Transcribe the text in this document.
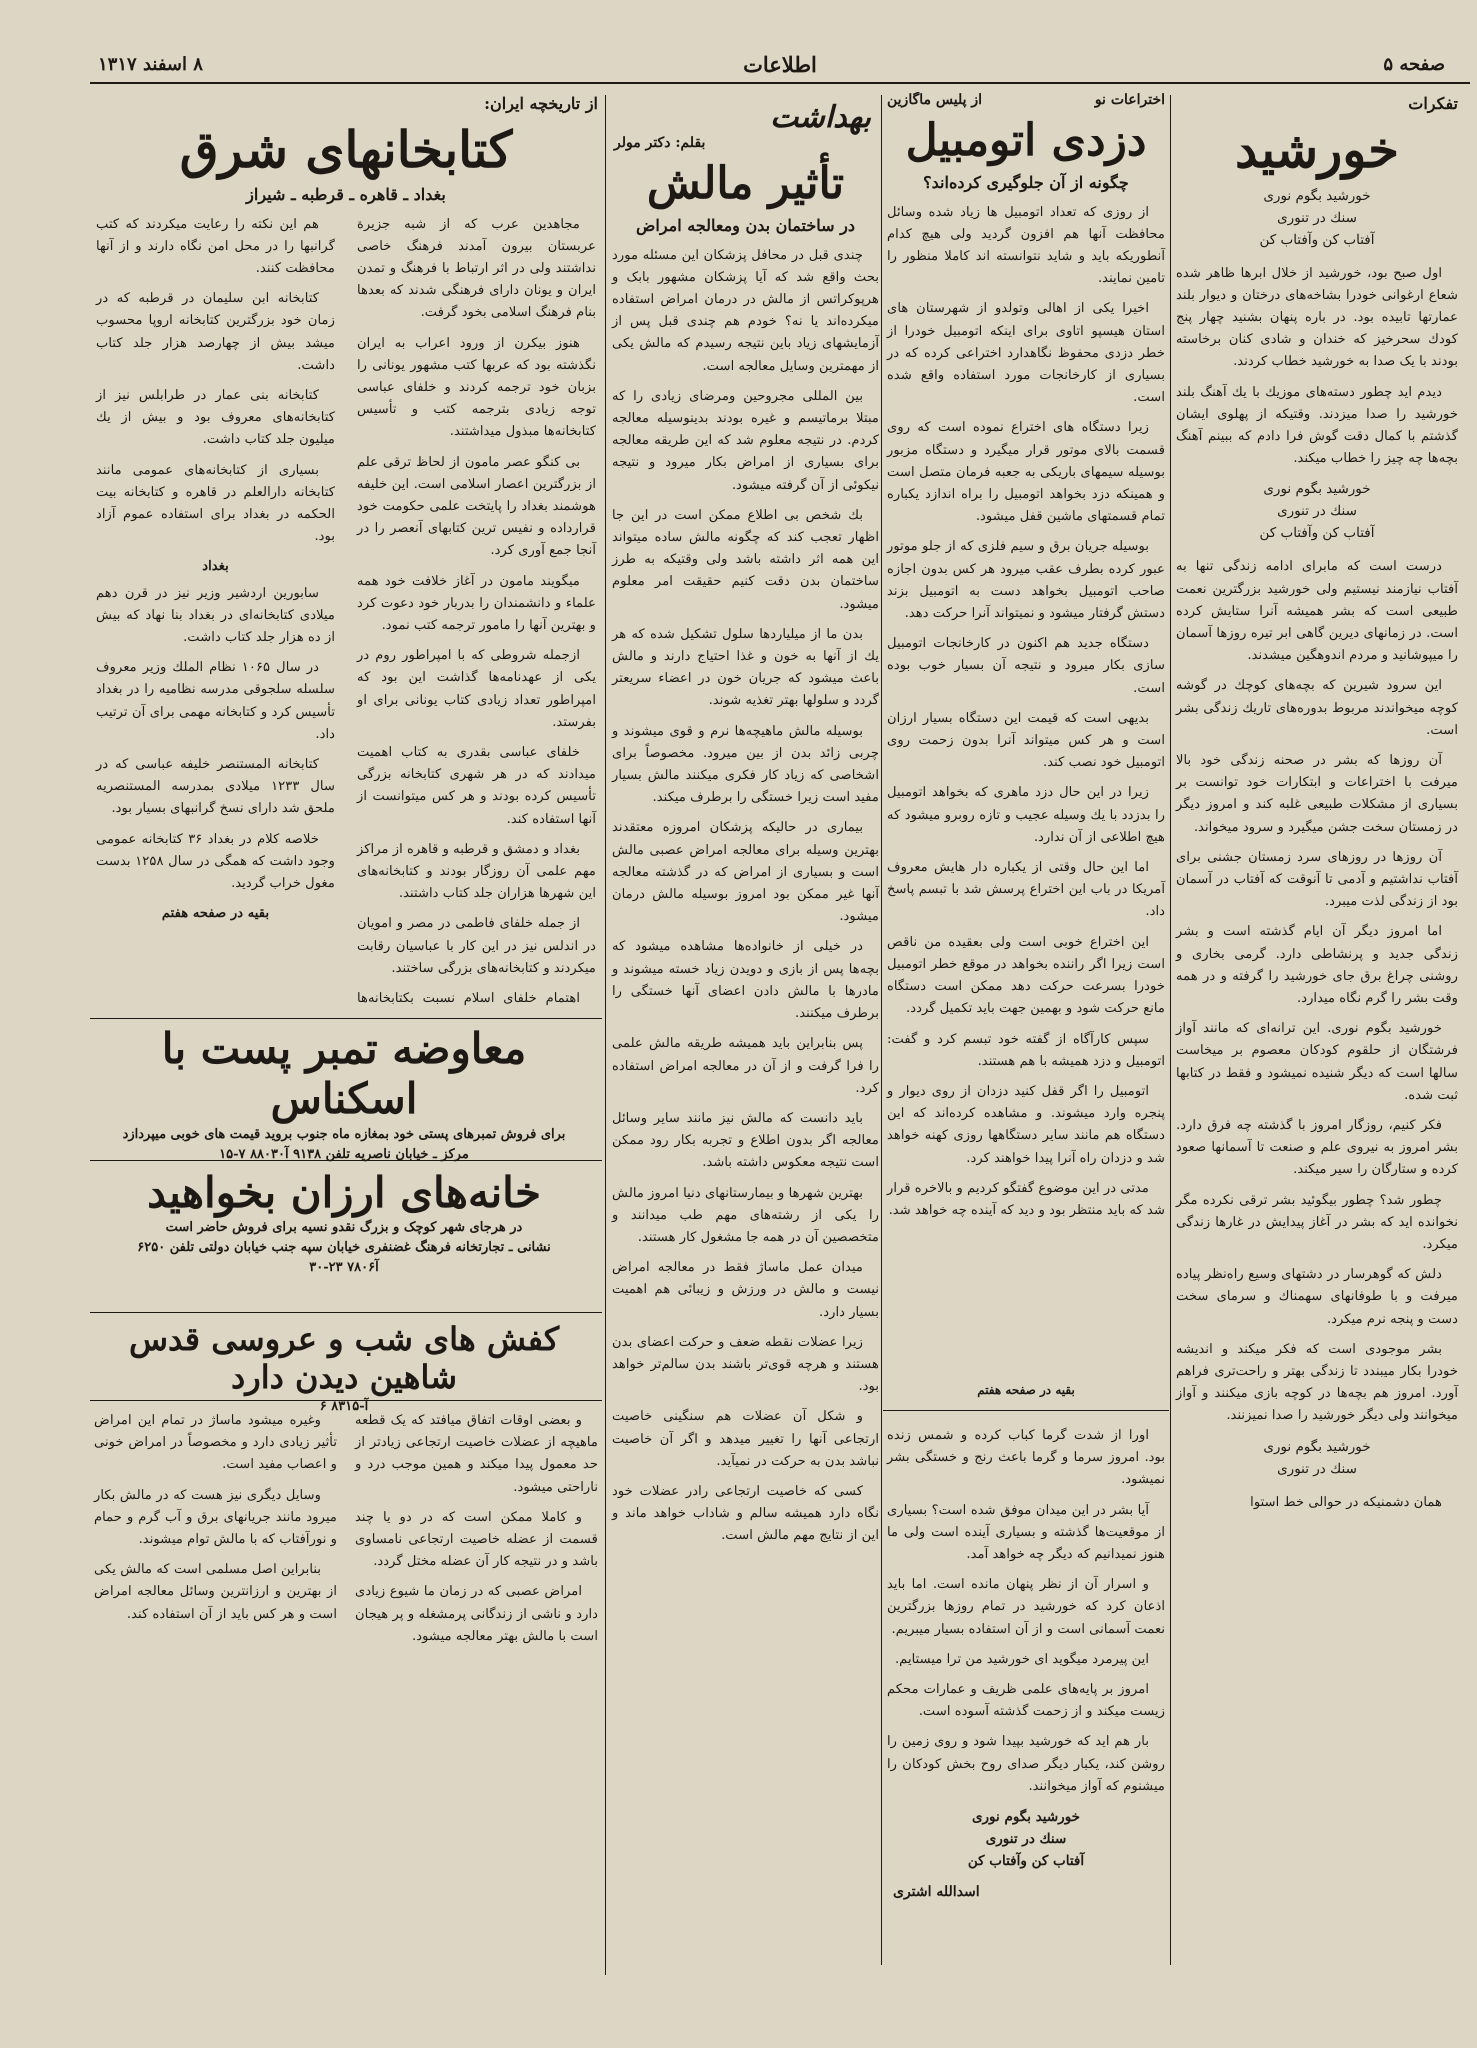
صفحه ۵
اطلاعات
۸ اسفند ۱۳۱۷
تفکرات
خورشید
خورشید بگوم نوری
سنك در تنوری
آفتاب کن وآفتاب کن

اول صبح بود، خورشید از خلال ابرها ظاهر شده شعاع ارغوانی خودرا بشاخه‌های درختان و دیوار بلند عمارتها تابیده بود. در باره پنهان بشنید چهار پنج کودك سحرخیز که خندان و شادی کنان برخاسته بودند با یک صدا به خورشید خطاب کردند.

دیدم اید چطور دسته‌های موزیك با یك آهنگ بلند خورشید را صدا میزدند. وقتیکه از پهلوی ایشان گذشتم با کمال دقت گوش فرا دادم که ببینم آهنگ بچه‌ها چه چیز را خطاب میکند.

خورشید بگوم نوری
سنك در تنوری
آفتاب کن وآفتاب کن

درست است که مابرای ادامه زندگی تنها به آفتاب نیازمند نیستیم ولی خورشید بزرگترین نعمت طبیعی است که بشر همیشه آنرا ستایش کرده است. در زمانهای دیرین گاهی ابر تیره روزها آسمان را میپوشانید و مردم اندوهگین میشدند.

این سرود شیرین که بچه‌های کوچك در گوشه کوچه میخواندند مربوط بدوره‌های تاریك زندگی بشر است.

آن روزها که بشر در صحنه زندگی خود بالا میرفت با اختراعات و ابتکارات خود توانست بر بسیاری از مشکلات طبیعی غلبه کند و امروز دیگر در زمستان سخت جشن میگیرد و سرود میخواند.

آن روزها در روزهای سرد زمستان جشنی برای آفتاب نداشتیم و آدمی تا آنوقت که آفتاب در آسمان بود از زندگی لذت میبرد.

اما امروز دیگر آن ایام گذشته است و بشر زندگی جدید و پرنشاطی دارد. گرمی بخاری و روشنی چراغ برق جای خورشید را گرفته و در همه وقت بشر را گرم نگاه میدارد.

خورشید بگوم نوری. این ترانه‌ای که مانند آواز فرشتگان از حلقوم کودکان معصوم بر میخاست سالها است که دیگر شنیده نمیشود و فقط در کتابها ثبت شده.

فکر کنیم، روزگار امروز با گذشته چه فرق دارد. بشر امروز به نیروی علم و صنعت تا آسمانها صعود کرده و ستارگان را سیر میکند.

چطور شد؟ چطور بیگوئید بشر ترقی نکرده مگر نخوانده اید که بشر در آغاز پیدایش در غارها زندگی میکرد.

دلش که گوهرسار در دشتهای وسیع راه‌نظر پیاده میرفت و با طوفانهای سهمناك و سرمای سخت دست و پنجه نرم میکرد.

بشر موجودی است که فکر میکند و اندیشه خودرا بکار میبندد تا زندگی بهتر و راحت‌تری فراهم آورد. امروز هم بچه‌ها در کوچه بازی میکنند و آواز میخوانند ولی دیگر خورشید را صدا نمیزنند.

خورشید بگوم نوری
سنك در تنوری

همان دشمنیکه در حوالی خط استوا

اختراعات نو
از پلیس ماگازین
دزدی اتومبیل
چگونه از آن جلوگیری کرده‌اند؟

از روزی که تعداد اتومبیل ها زیاد شده وسائل محافظت آنها هم افزون گردید ولی هیچ کدام آنطوریکه باید و شاید نتوانسته اند کاملا منظور را تامین نمایند.

اخیرا یکی از اهالی وتولدو از شهرستان های استان هیسپو اتاوی برای اینکه اتومبیل خودرا از خطر دزدی محفوظ نگاهدارد اختراعی کرده که در بسیاری از کارخانجات مورد استفاده واقع شده است.

زیرا دستگاه های اختراع نموده است که روی قسمت بالای موتور قرار میگیرد و دستگاه مزبور بوسیله سیمهای باریکی به جعبه فرمان متصل است و همینکه دزد بخواهد اتومبیل را براه اندازد یکباره تمام قسمتهای ماشین قفل میشود.

بوسیله جریان برق و سیم فلزی که از جلو موتور عبور کرده بطرف عقب میرود هر کس بدون اجازه صاحب اتومبیل بخواهد دست به اتومبیل بزند دستش گرفتار میشود و نمیتواند آنرا حرکت دهد.

دستگاه جدید هم اکنون در کارخانجات اتومبیل سازی بکار میرود و نتیجه آن بسیار خوب بوده است.

بدیهی است که قیمت این دستگاه بسیار ارزان است و هر کس میتواند آنرا بدون زحمت روی اتومبیل خود نصب کند.

زیرا در این حال دزد ماهری که بخواهد اتومبیل را بدزدد با یك وسیله عجیب و تازه روبرو میشود که هیچ اطلاعی از آن ندارد.

اما این حال وقتی از یکباره دار هایش معروف آمریکا در باب این اختراع پرسش شد با تبسم پاسخ داد.

این اختراع خوبی است ولی بعقیده من ناقص است زیرا اگر راننده بخواهد در موقع خطر اتومبیل خودرا بسرعت حرکت دهد ممکن است دستگاه مانع حرکت شود و بهمین جهت باید تکمیل گردد.

سپس کارآگاه از گفته خود تبسم کرد و گفت: اتومبیل و دزد همیشه با هم هستند.

اتومبیل را اگر قفل کنید دزدان از روی دیوار و پنجره وارد میشوند. و مشاهده کرده‌اند که این دستگاه هم مانند سایر دستگاهها روزی کهنه خواهد شد و دزدان راه آنرا پیدا خواهند کرد.

مدتی در این موضوع گفتگو کردیم و بالاخره قرار شد که باید منتظر بود و دید که آینده چه خواهد شد.

بقیه در صفحه هفتم

اورا از شدت گرما کباب کرده و شمس زنده بود. امروز سرما و گرما باعث رنج و خستگی بشر نمیشود.

آیا بشر در این میدان موفق شده است؟ بسیاری از موقعیت‌ها گذشته و بسیاری آینده است ولی ما هنوز نمیدانیم که دیگر چه خواهد آمد.

و اسرار آن از نظر پنهان مانده است. اما باید اذعان کرد که خورشید در تمام روزها بزرگترین نعمت آسمانی است و از آن استفاده بسیار میبریم.

این پیرمرد میگوید ای خورشید من ترا میستایم.

امروز بر پایه‌های علمی ظریف و عمارات محکم زیست میکند و از زحمت گذشته آسوده است.

بار هم اید که خورشید بپیدا شود و روی زمین را روشن کند، یکبار دیگر صدای روح بخش کودکان را میشنوم که آواز میخوانند.

خورشید بگوم نوری
سنك در تنوری
آفتاب کن وآفتاب کن
اسدالله اشتری
بهداشت
بقلم: دکتر مولر
تأثیر مالش
در ساختمان بدن ومعالجه امراض

چندی قبل در محافل پزشکان این مسئله مورد بحث واقع شد که آیا پزشکان مشهور بابک و هرپوکراتس از مالش در درمان امراض استفاده میکرده‌اند یا نه؟ خودم هم چندی قبل پس از آزمایشهای زیاد باین نتیجه رسیدم که مالش یکی از مهمترین وسایل معالجه است.

بین المللی مجروحین ومرضای زیادی را که مبتلا برماتیسم و غیره بودند بدینوسیله معالجه کردم. در نتیجه معلوم شد که این طریقه معالجه برای بسیاری از امراض بکار میرود و نتیجه نیکوئی از آن گرفته میشود.

بك شخص بی اطلاع ممکن است در این جا اظهار تعجب کند که چگونه مالش ساده میتواند این همه اثر داشته باشد ولی وقتیکه به طرز ساختمان بدن دقت کنیم حقیقت امر معلوم میشود.

بدن ما از میلیاردها سلول تشکیل شده که هر یك از آنها به خون و غذا احتیاج دارند و مالش باعث میشود که جریان خون در اعضاء سریعتر گردد و سلولها بهتر تغذیه شوند.

بوسیله مالش ماهیچه‌ها نرم و قوی میشوند و چربی زائد بدن از بین میرود. مخصوصاً برای اشخاصی که زیاد کار فکری میکنند مالش بسیار مفید است زیرا خستگی را برطرف میکند.

بیماری در حالیکه پزشکان امروزه معتقدند بهترین وسیله برای معالجه امراض عصبی مالش است و بسیاری از امراض که در گذشته معالجه آنها غیر ممکن بود امروز بوسیله مالش درمان میشود.

در خیلی از خانواده‌ها مشاهده میشود که بچه‌ها پس از بازی و دویدن زیاد خسته میشوند و مادرها با مالش دادن اعضای آنها خستگی را برطرف میکنند.

پس بنابراین باید همیشه طریقه مالش علمی را فرا گرفت و از آن در معالجه امراض استفاده کرد.

باید دانست که مالش نیز مانند سایر وسائل معالجه اگر بدون اطلاع و تجربه بکار رود ممکن است نتیجه معکوس داشته باشد.

بهترین شهرها و بیمارستانهای دنیا امروز مالش را یکی از رشته‌های مهم طب میدانند و متخصصین آن در همه جا مشغول کار هستند.

میدان عمل ماساژ فقط در معالجه امراض نیست و مالش در ورزش و زیبائی هم اهمیت بسیار دارد.

زیرا عضلات نقطه ضعف و حرکت اعضای بدن هستند و هرچه قوی‌تر باشند بدن سالم‌تر خواهد بود.

و شکل آن عضلات هم سنگینی خاصیت ارتجاعی آنها را تغییر میدهد و اگر آن خاصیت نباشد بدن به حرکت در نمیآید.

کسی که خاصیت ارتجاعی رادر عضلات خود نگاه دارد همیشه سالم و شاداب خواهد ماند و این از نتایج مهم مالش است.

از تاریخچه ایران:
کتابخانهای شرق
بغداد ـ قاهره ـ قرطبه ـ شیراز

مجاهدین عرب که از شبه جزیرة عربستان بیرون آمدند فرهنگ خاصی نداشتند ولی در اثر ارتباط با فرهنگ و تمدن ایران و یونان دارای فرهنگی شدند که بعدها بنام فرهنگ اسلامی بخود گرفت.

هنوز بیکرن از ورود اعراب به ایران نگذشته بود که عربها کتب مشهور یونانی را بزبان خود ترجمه کردند و خلفای عباسی توجه زیادی بترجمه کتب و تأسیس کتابخانه‌ها مبذول میداشتند.

بی کنگو عصر مامون از لحاظ ترقی علم از بزرگترین اعصار اسلامی است. این خلیفه هوشمند بغداد را پایتخت علمی حکومت خود قرارداده و نفیس ترین کتابهای آنعصر را در آنجا جمع آوری کرد.

میگویند مامون در آغاز خلافت خود همه علماء و دانشمندان را بدربار خود دعوت کرد و بهترین آنها را مامور ترجمه کتب نمود.

ازجمله شروطی که با امپراطور روم در یکی از عهدنامه‌ها گذاشت این بود که امپراطور تعداد زیادی کتاب یونانی برای او بفرستد.

خلفای عباسی بقدری به کتاب اهمیت میدادند که در هر شهری کتابخانه بزرگی تأسیس کرده بودند و هر کس میتوانست از آنها استفاده کند.

بغداد و دمشق و قرطبه و قاهره از مراکز مهم علمی آن روزگار بودند و کتابخانه‌های این شهرها هزاران جلد کتاب داشتند.

از جمله خلفای فاطمی در مصر و امویان در اندلس نیز در این کار با عباسیان رقابت میکردند و کتابخانه‌های بزرگی ساختند.

اهتمام خلفای اسلام نسبت بکتابخانه‌ها

هم این نکته را رعایت میکردند که کتب گرانبها را در محل امن نگاه دارند و از آنها محافظت کنند.

کتابخانه ابن سلیمان در قرطبه که در زمان خود بزرگترین کتابخانه اروپا محسوب میشد بیش از چهارصد هزار جلد کتاب داشت.

کتابخانه بنی عمار در طرابلس نیز از کتابخانه‌های معروف بود و بیش از یك میلیون جلد کتاب داشت.

بسیاری از کتابخانه‌های عمومی مانند کتابخانه دارالعلم در قاهره و کتابخانه بیت الحکمه در بغداد برای استفاده عموم آزاد بود.

بغداد

سابورین اردشیر وزیر نیز در قرن دهم میلادی کتابخانه‌ای در بغداد بنا نهاد که بیش از ده هزار جلد کتاب داشت.

در سال ۱۰۶۵ نظام الملك وزیر معروف سلسله سلجوقی مدرسه نظامیه را در بغداد تأسیس کرد و کتابخانه مهمی برای آن ترتیب داد.

کتابخانه المستنصر خلیفه عباسی که در سال ۱۲۳۳ میلادی بمدرسه المستنصریه ملحق شد دارای نسخ گرانبهای بسیار بود.

خلاصه کلام در بغداد ۳۶ کتابخانه عمومی وجود داشت که همگی در سال ۱۲۵۸ بدست مغول خراب گردید.

بقیه در صفحه هفتم

معاوضه تمبر پست با اسکناس
برای فروش تمبرهای پستی خود بمغازه ماه جنوب بروید قیمت های خوبی میپردازد
مرکز ـ خیابان ناصریه تلفن ۹۱۳۸ آ۸۸۰۳۰ ۷-۱۵
خانه‌های ارزان بخواهید
در هرجای شهر کوچک و بزرگ نقدو نسیه برای فروش حاضر است
نشانی ـ تجارتخانه فرهنگ غضنفری خیابان سپه جنب خیابان دولتی تلفن ۶۲۵۰
آ۷۸۰۶ ۲۳-۳۰
کفش های شب و عروسی قدس شاهین دیدن دارد
آ-۸۳۱۵ ۶

و بعضی اوقات اتفاق میافتد که یک قطعه ماهیچه از عضلات خاصیت ارتجاعی زیادتر از حد معمول پیدا میکند و همین موجب درد و ناراحتی میشود.

و کاملا ممکن است که در دو یا چند قسمت از عضله خاصیت ارتجاعی نامساوی باشد و در نتیجه کار آن عضله مختل گردد.

امراض عصبی که در زمان ما شیوع زیادی دارد و ناشی از زندگانی پرمشغله و پر هیجان است با مالش بهتر معالجه میشود.

وغیره میشود ماساژ در تمام این امراض تأثیر زیادی دارد و مخصوصاً در امراض خونی و اعصاب مفید است.

وسایل دیگری نیز هست که در مالش بکار میرود مانند جریانهای برق و آب گرم و حمام و نورآفتاب که با مالش توام میشوند.

بنابراین اصل مسلمی است که مالش یکی از بهترین و ارزانترین وسائل معالجه امراض است و هر کس باید از آن استفاده کند.
